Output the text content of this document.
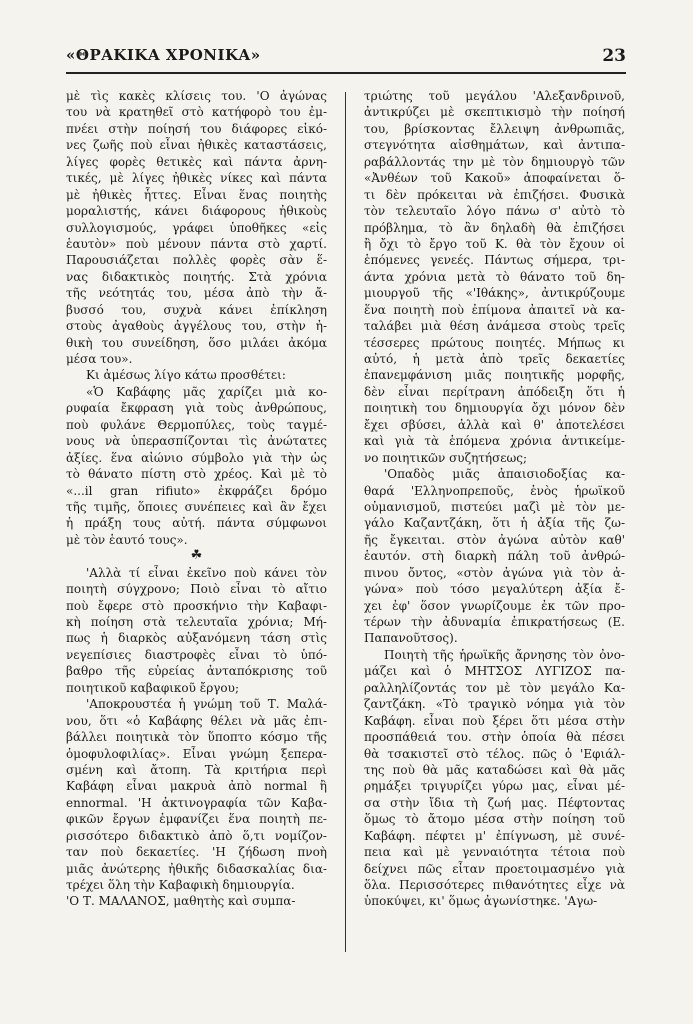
«ΘΡΑΚΙΚΑ ΧΡΟΝΙΚΑ»	23
μὲ τὶς κακὲς κλίσεις του. 'Ο ἀγώνας
του νὰ κρατηθεῖ στὸ κατήφορὸ του ἐμ-
πνέει στὴν ποίησή του διάφορες εἰκό-
νες ζωῆς ποὺ εἶναι ἠθικὲς καταστάσεις,
λίγες φορὲς θετικὲς καὶ πάντα ἀρνη-
τικές, μὲ λίγες ἠθικὲς νίκες καὶ πάντα
μὲ ἠθικὲς ἧττες. Εἶναι ἕνας ποιητὴς
μοραλιστής, κάνει διάφορους ἠθικοὺς
συλλογισμούς, γράφει ὑποθῆκες «εἰς
ἑαυτὸν» ποὺ μένουν πάντα στὸ χαρτί.
Παρουσιάζεται πολλὲς φορὲς σὰν ἕ-
νας διδακτικὸς ποιητής. Στὰ χρόνια
τῆς νεότητάς του, μέσα ἀπὸ τὴν ἄ-
βυσσό του, συχνὰ κάνει ἐπίκληση
στοὺς ἀγαθοὺς ἀγγέλους του, στὴν ἠ-
θικὴ του συνείδηση, ὅσο μιλάει ἀκόμα
μέσα του».
Κι ἀμέσως λίγο κάτω προσθέτει:
«Ὁ Καβάφης μᾶς χαρίζει μιὰ κο-
ρυφαία ἔκφραση γιὰ τοὺς ἀνθρώπους,
ποὺ φυλάνε Θερμοπύλες, τοὺς ταγμέ-
νους νὰ ὑπερασπίζονται τὶς ἀνώτατες
ἀξίες. ἕνα αἰώνιο σύμβολο γιὰ τὴν ὡς
τὸ θάνατο πίστη στὸ χρέος. Καὶ μὲ τὸ
«...il gran rifiuto» ἐκφράζει δρόμο
τῆς τιμῆς, ὅποιες συνέπειες καὶ ἂν ἔχει
ἡ πράξη τους αὐτή. πάντα σύμφωνοι
μὲ τὸν ἑαυτό τους».
☘
'Αλλὰ τί εἶναι ἐκεῖνο ποὺ κάνει τὸν
ποιητὴ σύγχρονο; Ποιὸ εἶναι τὸ αἴτιο
ποὺ ἔφερε στὸ προσκήνιο τὴν Καβαφι-
κὴ ποίηση στὰ τελευταῖα χρόνια; Μή-
πως ἡ διαρκὸς αὐξανόμενη τάση στὶς
νεγεπίσιες διαστροφὲς εἶναι τὸ ὑπό-
βαθρο τῆς εὐρείας ἀνταπόκρισης τοῦ
ποιητικοῦ καβαφικοῦ ἔργου;
'Αποκρουστέα ἡ γνώμη τοῦ Τ. Μαλά-
νου, ὅτι «ὁ Καβάφης θέλει νὰ μᾶς ἐπι-
βάλλει ποιητικὰ τὸν ὕποπτο κόσμο τῆς
ὁμοφυλοφιλίας». Εἶναι γνώμη ξεπερα-
σμένη καὶ ἄτοπη. Τὰ κριτήρια περὶ
Καβάφη εἶναι μακρυὰ ἀπὸ normal ἢ
ennormal. 'Η ἀκτινογραφία τῶν Καβα-
φικῶν ἔργων ἐμφανίζει ἕνα ποιητὴ πε-
ρισσότερο διδακτικὸ ἀπὸ ὅ,τι νομίζον-
ταν ποὺ δεκαετίες. 'Η ζήδωση πνοὴ
μιᾶς ἀνώτερης ἠθικῆς διδασκαλίας δια-
τρέχει ὅλη τὴν Καβαφικὴ δημιουργία.
'Ο Τ. ΜΑΛΑΝΟΣ, μαθητὴς καὶ συμπα-
τριώτης τοῦ μεγάλου 'Αλεξανδρινοῦ,
ἀντικρύζει μὲ σκεπτικισμὸ τὴν ποίησή
του, βρίσκοντας ἔλλειψη ἀνθρωπιᾶς,
στεγνότητα αἰσθημάτων, καὶ ἀντιπα-
ραβάλλοντάς την μὲ τὸν δημιουργὸ τῶν
«Ἀνθέων τοῦ Κακοῦ» ἀποφαίνεται ὅ-
τι δὲν πρόκειται νὰ ἐπιζήσει. Φυσικὰ
τὸν τελευταῖο λόγο πάνω σ' αὐτὸ τὸ
πρόβλημα, τὸ ἂν δηλαδὴ θὰ ἐπιζήσει
ἢ ὄχι τὸ ἔργο τοῦ Κ. θὰ τὸν ἔχουν οἱ
ἑπόμενες γενεές. Πάντως σήμερα, τρι-
άντα χρόνια μετὰ τὸ θάνατο τοῦ δη-
μιουργοῦ τῆς «'Ιθάκης», ἀντικρύζουμε
ἕνα ποιητὴ ποὺ ἐπίμονα ἀπαιτεῖ νὰ κα-
ταλάβει μιὰ θέση ἀνάμεσα στοὺς τρεῖς
τέσσερες πρώτους ποιητές. Μήπως κι
αὐτό, ἡ μετὰ ἀπὸ τρεῖς δεκαετίες
ἐπανεμφάνιση μιᾶς ποιητικῆς μορφῆς,
δὲν εἶναι περίτρανη ἀπόδειξη ὅτι ἡ
ποιητικὴ του δημιουργία ὄχι μόνον δὲν
ἔχει σβύσει, ἀλλὰ καὶ θ' ἀποτελέσει
καὶ γιὰ τὰ ἑπόμενα χρόνια ἀντικείμε-
νο ποιητικῶν συζητήσεως;
'Οπαδὸς μιᾶς ἀπαισιοδοξίας κα-
θαρά 'Ελληνοπρεποῦς, ἑνὸς ἡρωϊκοῦ
οὐμανισμοῦ, πιστεύει μαζὶ μὲ τὸν με-
γάλο Καζαντζάκη, ὅτι ἡ ἀξία τῆς ζω-
ῆς ἔγκειται. στὸν ἀγώνα αὐτὸν καθ'
ἑαυτόν. στὴ διαρκὴ πάλη τοῦ ἀνθρώ-
πινου ὄντος, «στὸν ἀγώνα γιὰ τὸν ἀ-
γώνα» ποὺ τόσο μεγαλύτερη ἀξία ἔ-
χει ἐφ' ὅσον γνωρίζουμε ἐκ τῶν προ-
τέρων τὴν ἀδυναμία ἐπικρατήσεως (Ε.
Παπανοῦτσος).
Ποιητὴ τῆς ἡρωϊκῆς ἄρνησης τὸν ὀνο-
μάζει καὶ ὁ ΜΗΤΣΟΣ ΛΥΓΙΖΟΣ πα-
ραλληλίζοντάς τον μὲ τὸν μεγάλο Κα-
ζαντζάκη. «Τὸ τραγικὸ νόημα γιὰ τὸν
Καβάφη. εἶναι ποὺ ξέρει ὅτι μέσα στὴν
προσπάθειά του. στὴν ὁποία θὰ πέσει
θὰ τσακιστεῖ στὸ τέλος. πῶς ὁ 'Εφιάλ-
της ποὺ θὰ μᾶς καταδώσει καὶ θὰ μᾶς
ρημάξει τριγυρίζει γύρω μας, εἶναι μέ-
σα στὴν ἴδια τὴ ζωή μας. Πέφτοντας
ὅμως τὸ ἄτομο μέσα στὴν ποίηση τοῦ
Καβάφη. πέφτει μ' ἐπίγνωση, μὲ συνέ-
πεια καὶ μὲ γενναιότητα τέτοια ποὺ
δείχνει πῶς εἶταν προετοιμασμένο γιὰ
ὅλα. Περισσότερες πιθανότητες εἶχε νὰ
ὑποκύψει, κι' ὅμως ἀγωνίστηκε. 'Αγω-
